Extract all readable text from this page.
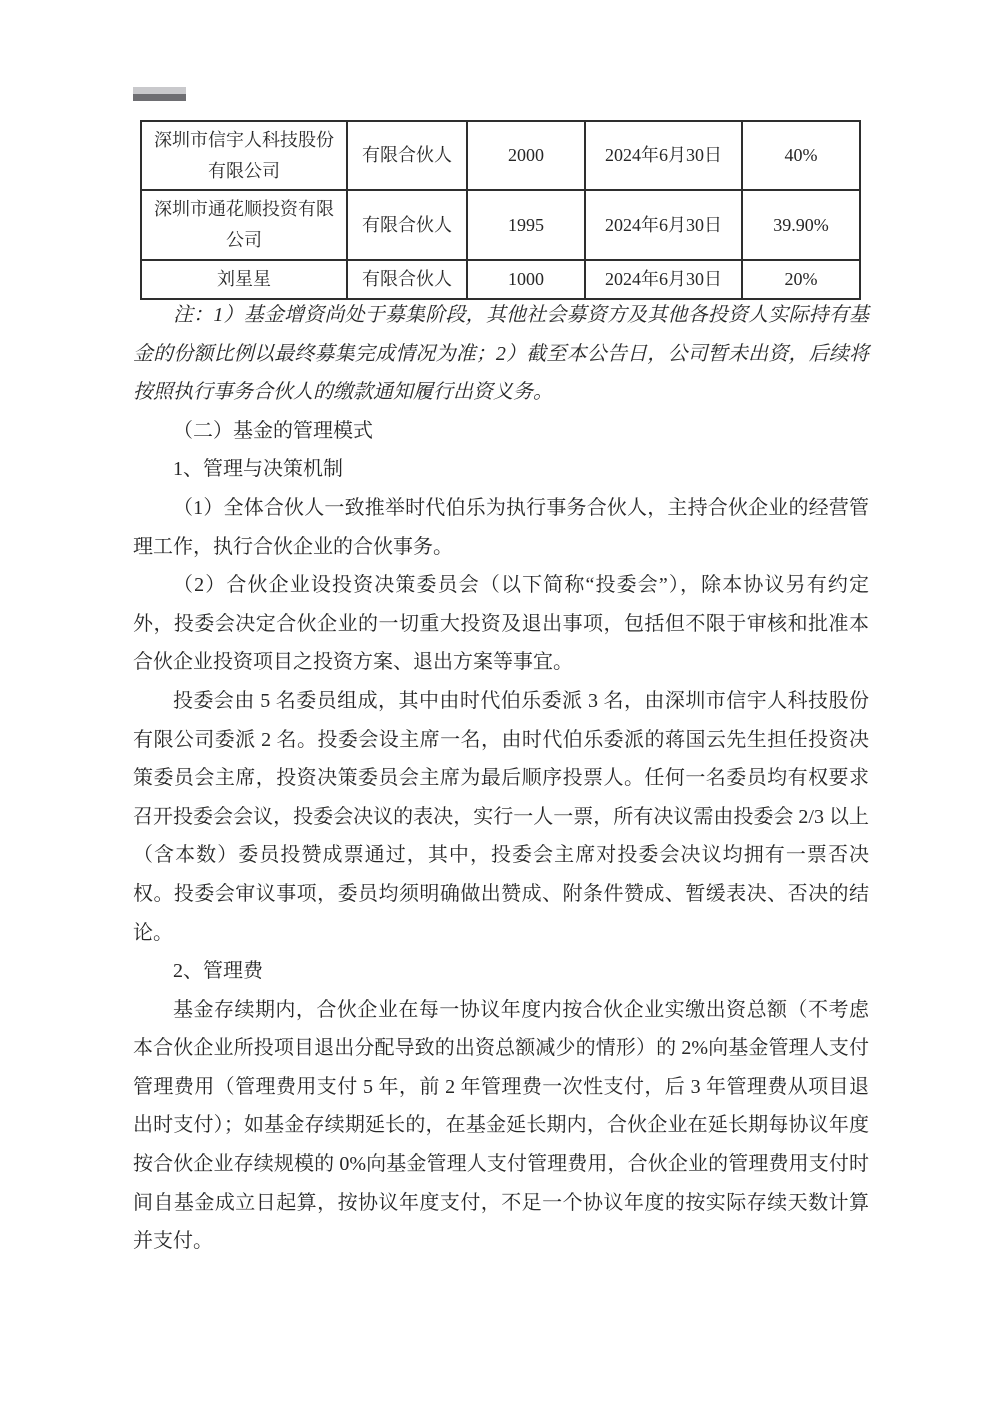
深圳市信宇人科技股份有限公司	有限合伙人	2000	2024年6月30日	40%
深圳市通花顺投资有限公司	有限合伙人	1995	2024年6月30日	39.90%
刘星星	有限合伙人	1000	2024年6月30日	20%

注：1）基金增资尚处于募集阶段，其他社会募资方及其他各投资人实际持有基金的份额比例以最终募集完成情况为准；2）截至本公告日，公司暂未出资，后续将按照执行事务合伙人的缴款通知履行出资义务。

（二）基金的管理模式

1、管理与决策机制

（1）全体合伙人一致推举时代伯乐为执行事务合伙人，主持合伙企业的经营管理工作，执行合伙企业的合伙事务。

（2）合伙企业设投资决策委员会（以下简称“投委会”），除本协议另有约定外，投委会决定合伙企业的一切重大投资及退出事项，包括但不限于审核和批准本合伙企业投资项目之投资方案、退出方案等事宜。

投委会由 5 名委员组成，其中由时代伯乐委派 3 名，由深圳市信宇人科技股份有限公司委派 2 名。投委会设主席一名，由时代伯乐委派的蒋国云先生担任投资决策委员会主席，投资决策委员会主席为最后顺序投票人。任何一名委员均有权要求召开投委会会议，投委会决议的表决，实行一人一票，所有决议需由投委会 2/3 以上（含本数）委员投赞成票通过，其中，投委会主席对投委会决议均拥有一票否决权。投委会审议事项，委员均须明确做出赞成、附条件赞成、暂缓表决、否决的结论。

2、管理费

基金存续期内，合伙企业在每一协议年度内按合伙企业实缴出资总额（不考虑本合伙企业所投项目退出分配导致的出资总额减少的情形）的 2%向基金管理人支付管理费用（管理费用支付 5 年，前 2 年管理费一次性支付，后 3 年管理费从项目退出时支付）；如基金存续期延长的，在基金延长期内，合伙企业在延长期每协议年度按合伙企业存续规模的 0%向基金管理人支付管理费用，合伙企业的管理费用支付时间自基金成立日起算，按协议年度支付，不足一个协议年度的按实际存续天数计算并支付。
